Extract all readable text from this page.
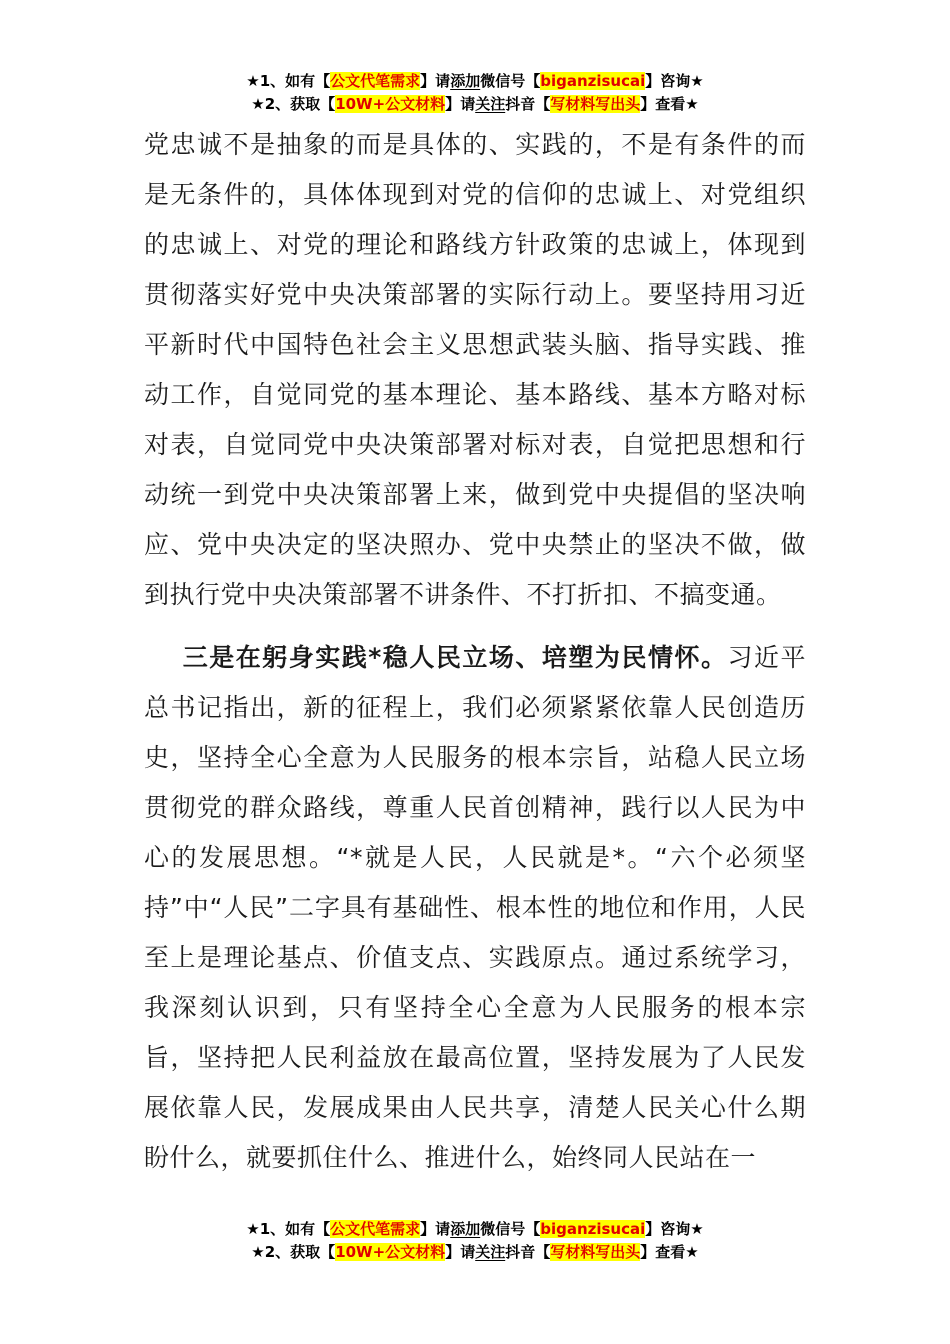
★1、如有【公文代笔需求】请添加微信号【biganzisucai】咨询★
★2、获取【10W+公文材料】请关注抖音【写材料写出头】查看★

党忠诚不是抽象的而是具体的、实践的，不是有条件的而是无条件的，具体体现到对党的信仰的忠诚上、对党组织的忠诚上、对党的理论和路线方针政策的忠诚上，体现到贯彻落实好党中央决策部署的实际行动上。要坚持用习近平新时代中国特色社会主义思想武装头脑、指导实践、推动工作，自觉同党的基本理论、基本路线、基本方略对标对表，自觉同党中央决策部署对标对表，自觉把思想和行动统一到党中央决策部署上来，做到党中央提倡的坚决响应、党中央决定的坚决照办、党中央禁止的坚决不做，做到执行党中央决策部署不讲条件、不打折扣、不搞变通。

三是在躬身实践*稳人民立场、培塑为民情怀。习近平总书记指出，新的征程上，我们必须紧紧依靠人民创造历史，坚持全心全意为人民服务的根本宗旨，站稳人民立场贯彻党的群众路线，尊重人民首创精神，践行以人民为中心的发展思想。“*就是人民，人民就是*。“六个必须坚持”中“人民”二字具有基础性、根本性的地位和作用，人民至上是理论基点、价值支点、实践原点。通过系统学习，我深刻认识到，只有坚持全心全意为人民服务的根本宗旨，坚持把人民利益放在最高位置，坚持发展为了人民发展依靠人民，发展成果由人民共享，清楚人民关心什么期盼什么，就要抓住什么、推进什么，始终同人民站在一

★1、如有【公文代笔需求】请添加微信号【biganzisucai】咨询★
★2、获取【10W+公文材料】请关注抖音【写材料写出头】查看★
